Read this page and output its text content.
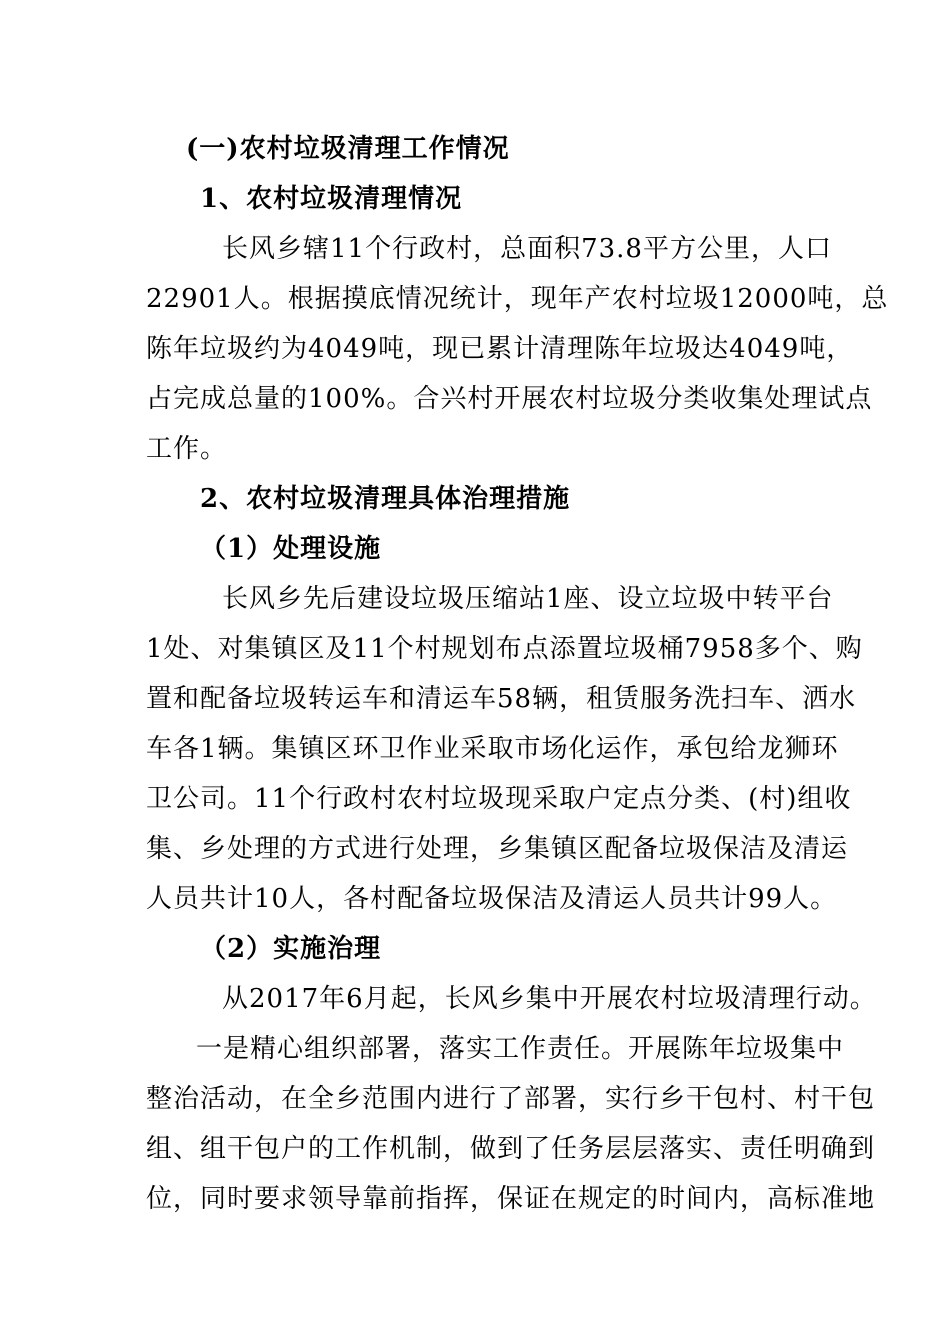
(一)农村垃圾清理工作情况
1、农村垃圾清理情况
长风乡辖11个行政村，总面积73.8平方公里，人口
22901人。根据摸底情况统计，现年产农村垃圾12000吨，总
陈年垃圾约为4049吨，现已累计清理陈年垃圾达4049吨，
占完成总量的100%。合兴村开展农村垃圾分类收集处理试点
工作。
2、农村垃圾清理具体治理措施
（1）处理设施
长风乡先后建设垃圾压缩站1座、设立垃圾中转平台
1处、对集镇区及11个村规划布点添置垃圾桶7958多个、购
置和配备垃圾转运车和清运车58辆，租赁服务洗扫车、洒水
车各1辆。集镇区环卫作业采取市场化运作，承包给龙狮环
卫公司。11个行政村农村垃圾现采取户定点分类、(村)组收
集、乡处理的方式进行处理，乡集镇区配备垃圾保洁及清运
人员共计10人，各村配备垃圾保洁及清运人员共计99人。
（2）实施治理
从2017年6月起，长风乡集中开展农村垃圾清理行动。
一是精心组织部署，落实工作责任。开展陈年垃圾集中
整治活动，在全乡范围内进行了部署，实行乡干包村、村干包
组、组干包户的工作机制，做到了任务层层落实、责任明确到
位，同时要求领导靠前指挥，保证在规定的时间内，高标准地
